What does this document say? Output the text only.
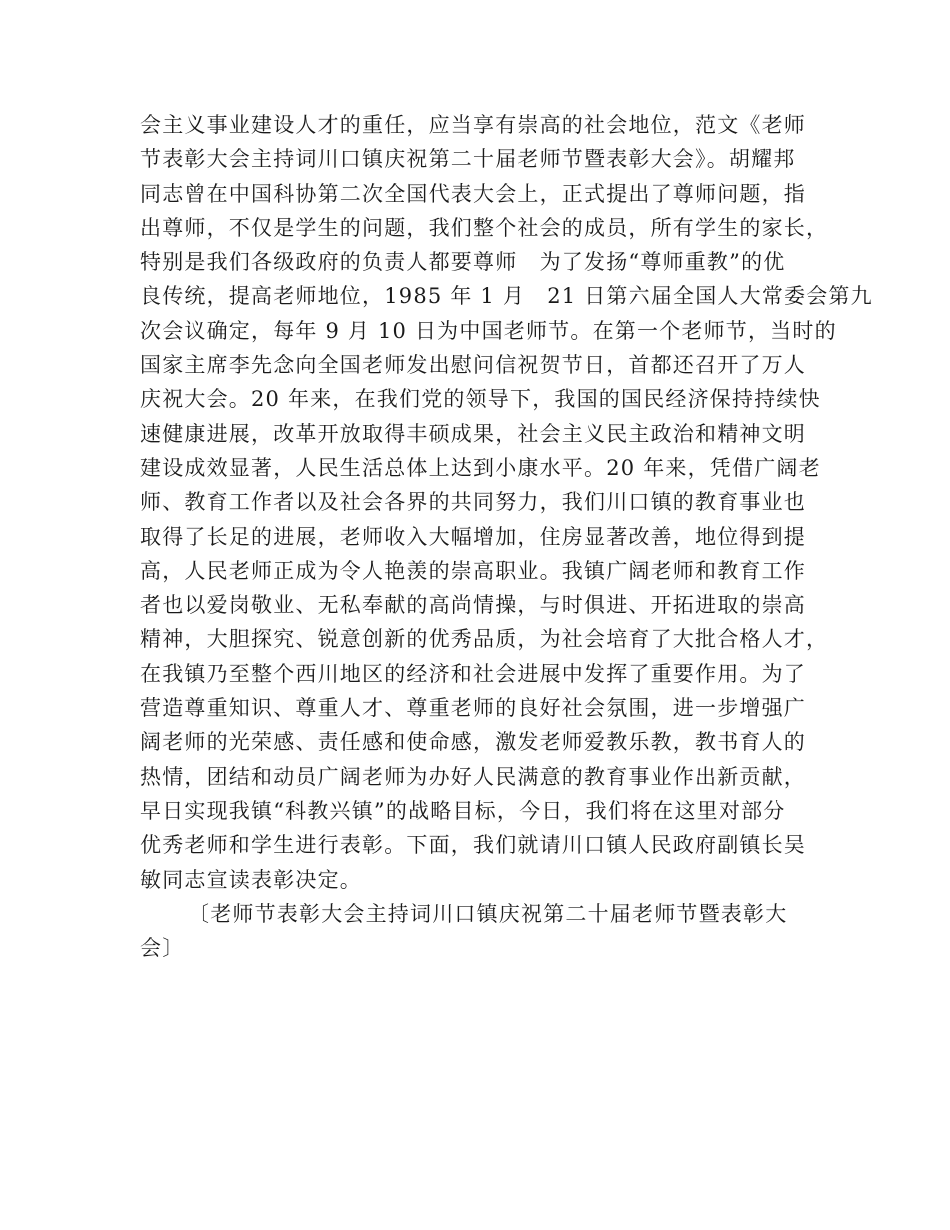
会主义事业建设人才的重任，应当享有崇高的社会地位，范文《老师
节表彰大会主持词川口镇庆祝第二十届老师节暨表彰大会》。胡耀邦
同志曾在中国科协第二次全国代表大会上，正式提出了尊师问题，指
出尊师，不仅是学生的问题，我们整个社会的成员，所有学生的家长，
特别是我们各级政府的负责人都要尊师　为了发扬“尊师重教”的优
良传统，提高老师地位，1985 年 1 月　21 日第六届全国人大常委会第九
次会议确定，每年 9 月 10 日为中国老师节。在第一个老师节，当时的
国家主席李先念向全国老师发出慰问信祝贺节日，首都还召开了万人
庆祝大会。20 年来，在我们党的领导下，我国的国民经济保持持续快
速健康进展，改革开放取得丰硕成果，社会主义民主政治和精神文明
建设成效显著，人民生活总体上达到小康水平。20 年来，凭借广阔老
师、教育工作者以及社会各界的共同努力，我们川口镇的教育事业也
取得了长足的进展，老师收入大幅增加，住房显著改善，地位得到提
高，人民老师正成为令人艳羡的崇高职业。我镇广阔老师和教育工作
者也以爱岗敬业、无私奉献的高尚情操，与时俱进、开拓进取的崇高
精神，大胆探究、锐意创新的优秀品质，为社会培育了大批合格人才，
在我镇乃至整个西川地区的经济和社会进展中发挥了重要作用。为了
营造尊重知识、尊重人才、尊重老师的良好社会氛围，进一步增强广
阔老师的光荣感、责任感和使命感，激发老师爱教乐教，教书育人的
热情，团结和动员广阔老师为办好人民满意的教育事业作出新贡献，
早日实现我镇“科教兴镇”的战略目标，今日，我们将在这里对部分
优秀老师和学生进行表彰。下面，我们就请川口镇人民政府副镇长吴
敏同志宣读表彰决定。
〔老师节表彰大会主持词川口镇庆祝第二十届老师节暨表彰大
会〕
